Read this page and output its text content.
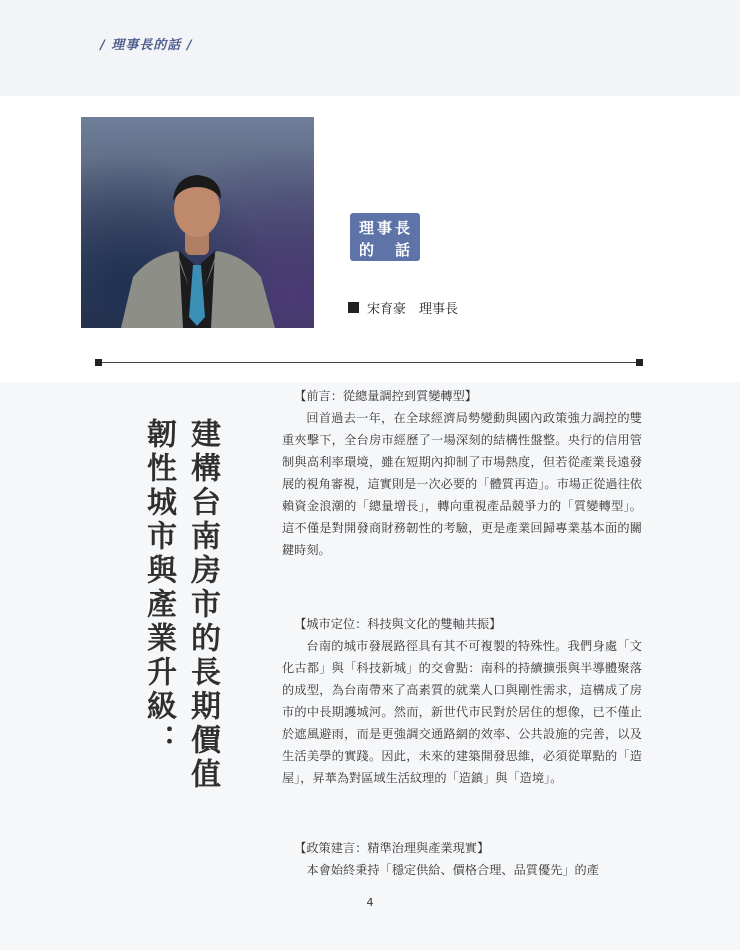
/ 理事長的話 /
理事長
的　話
宋育豪　理事長
建構台南房市的長期價值
韌性城市與產業升級：

【前言：從總量調控到質變轉型】

回首過去一年，在全球經濟局勢變動與國內政策強力調控的雙重夾擊下，全台房市經歷了一場深刻的結構性盤整。央行的信用管制與高利率環境，雖在短期內抑制了市場熱度，但若從產業長遠發展的視角審視，這實則是一次必要的「體質再造」。市場正從過往依賴資金浪潮的「總量增長」，轉向重視產品競爭力的「質變轉型」。這不僅是對開發商財務韌性的考驗，更是產業回歸專業基本面的關鍵時刻。

【城市定位：科技與文化的雙軸共振】

台南的城市發展路徑具有其不可複製的特殊性。我們身處「文化古都」與「科技新城」的交會點：南科的持續擴張與半導體聚落的成型，為台南帶來了高素質的就業人口與剛性需求，這構成了房市的中長期護城河。然而，新世代市民對於居住的想像，已不僅止於遮風避雨，而是更強調交通路網的效率、公共設施的完善，以及生活美學的實踐。因此，未來的建築開發思維，必須從單點的「造屋」，昇華為對區域生活紋理的「造鎮」與「造境」。

【政策建言：精準治理與產業現實】

本會始終秉持「穩定供給、價格合理、品質優先」的產

4
